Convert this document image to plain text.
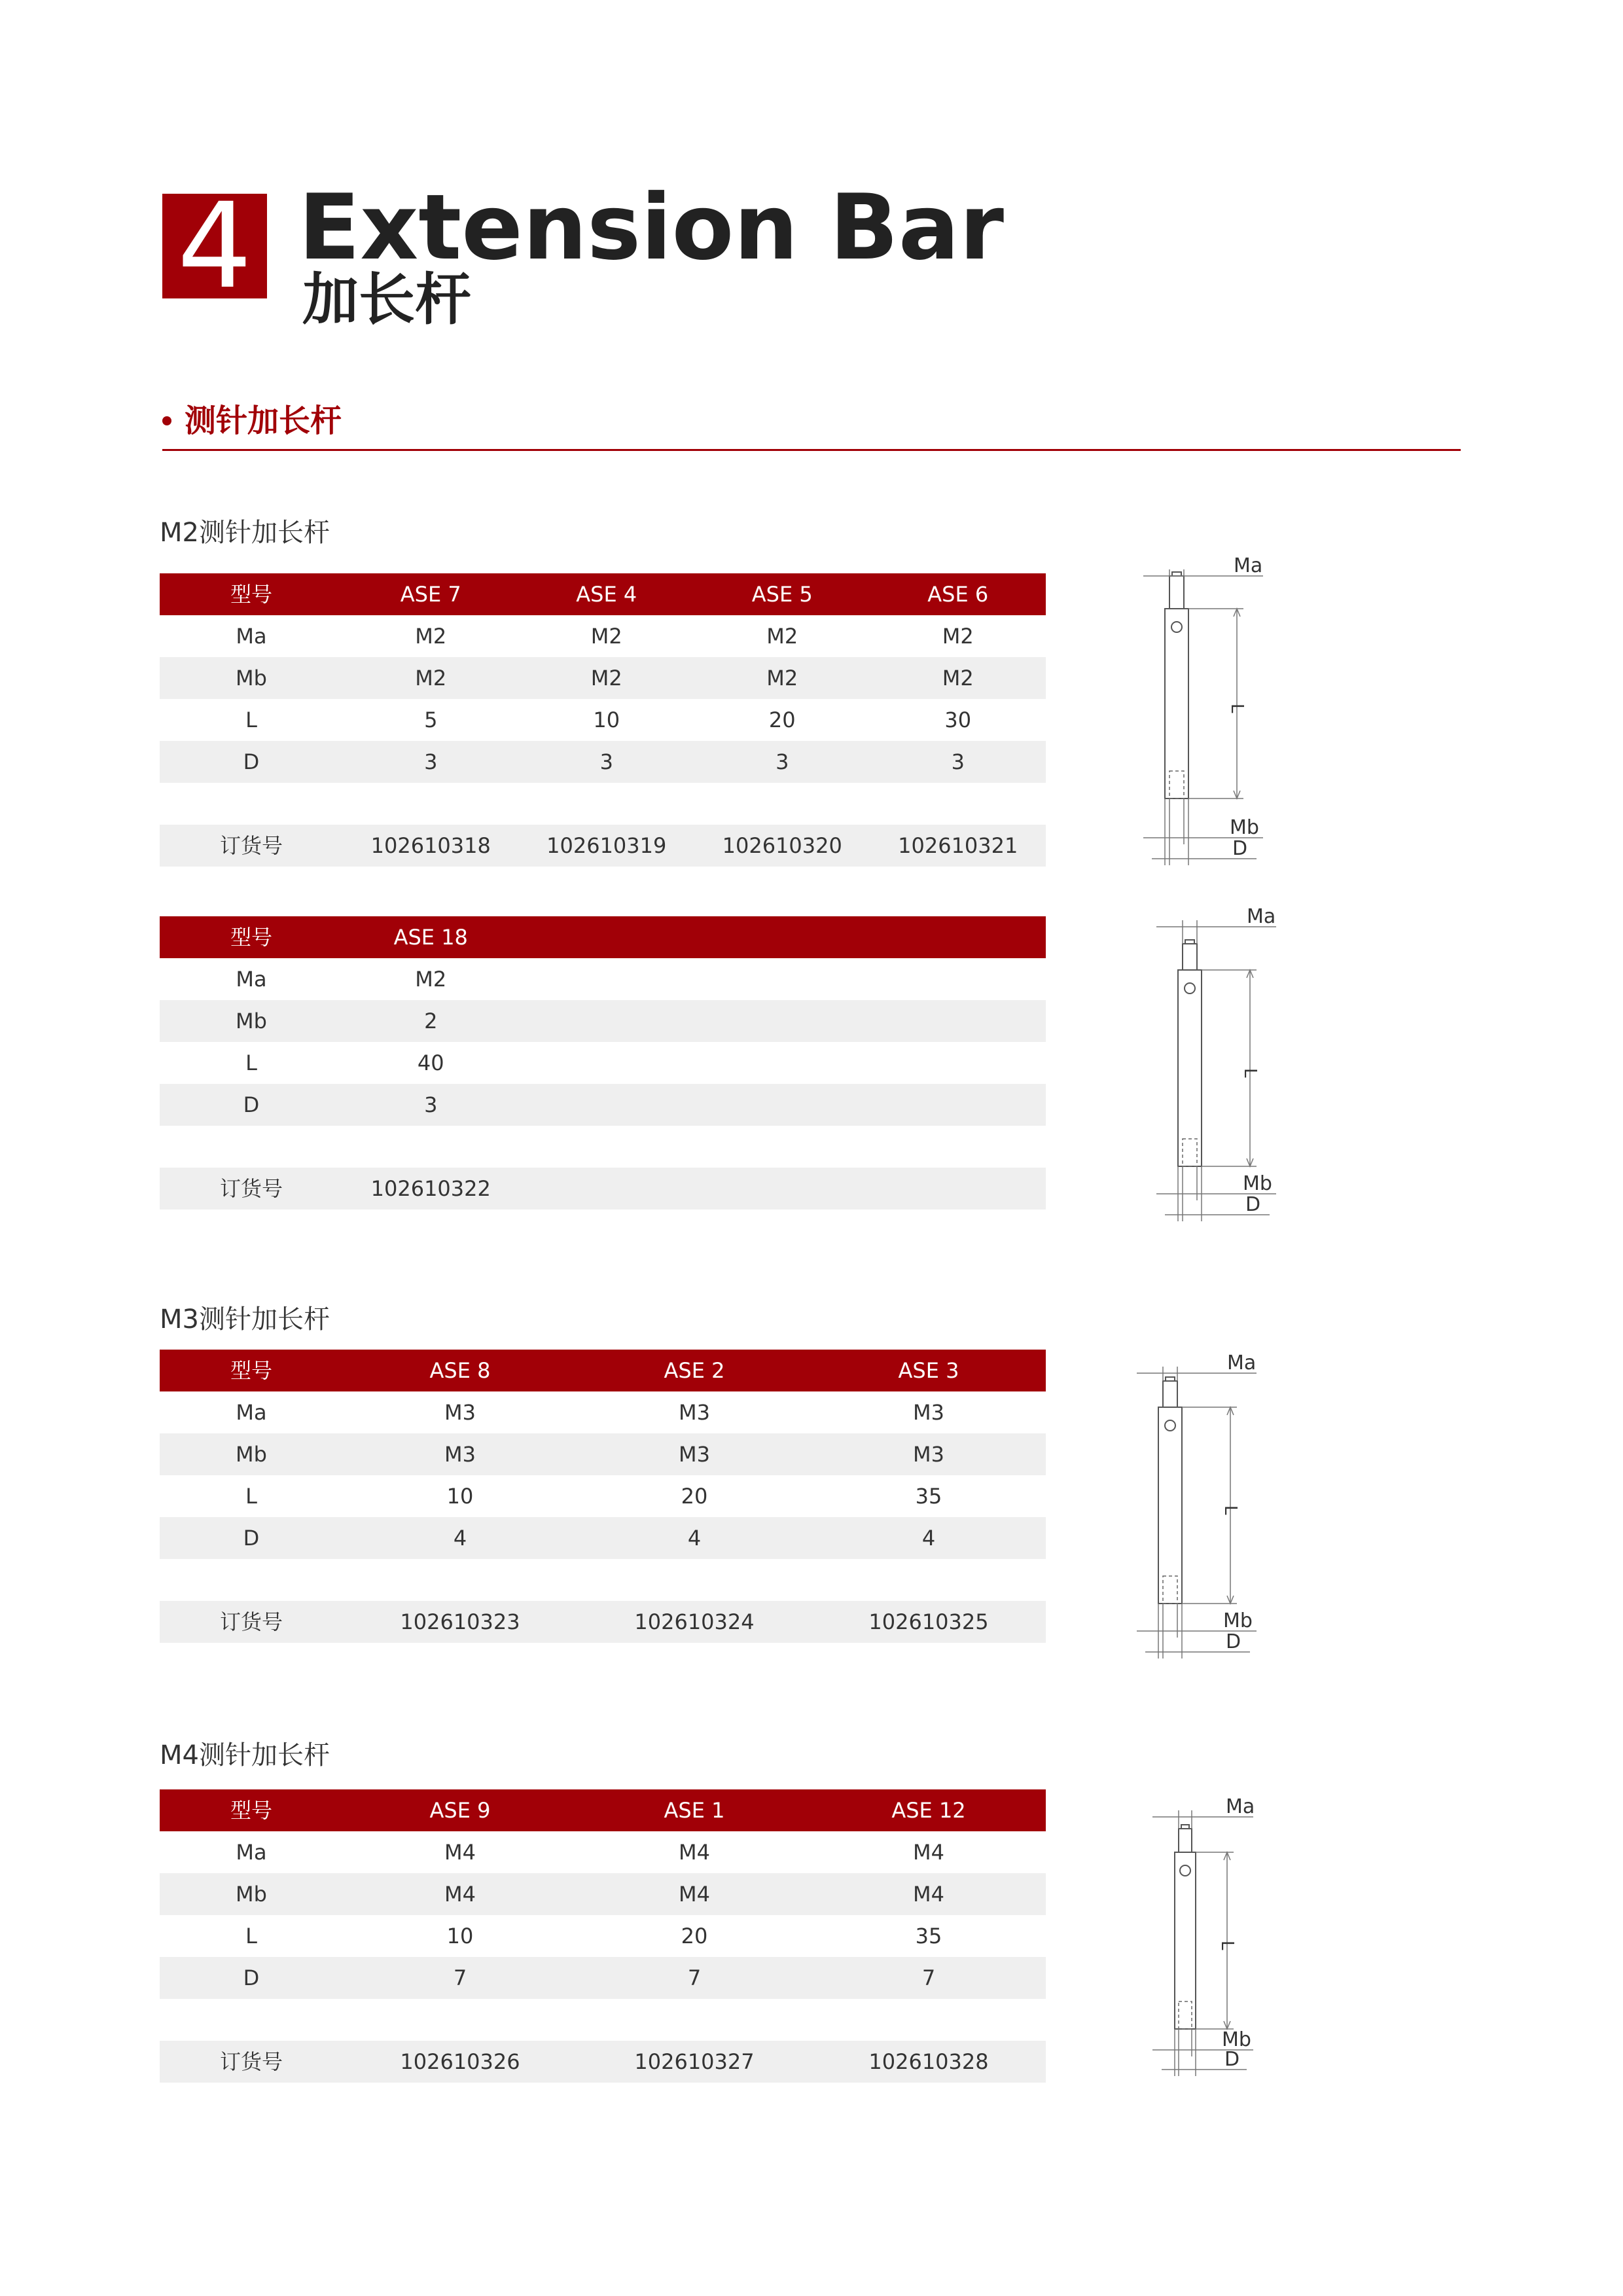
4 Extension Bar
加长杆
测针加长杆
M2测针加长杆
M3测针加长杆
M4测针加长杆
型号	ASE 7	ASE 4	ASE 5	ASE 6
Ma	M2	M2	M2	M2
Mb	M2	M2	M2	M2
L	5	10	20	30
D	3	3	3	3
订货号	102610318	102610319	102610320	102610321
型号	ASE 18
Ma	M2
Mb	2
L	40
D	3
订货号	102610322
型号	ASE 8	ASE 2	ASE 3
Ma	M3	M3	M3
Mb	M3	M3	M3
L	10	20	35
D	4	4	4
订货号	102610323	102610324	102610325
型号	ASE 9	ASE 1	ASE 12
Ma	M4	M4	M4
Mb	M4	M4	M4
L	10	20	35
D	7	7	7
订货号	102610326	102610327	102610328
Ma
L
Mb
D
Ma
L
Mb
D
Ma
L
Mb
D
Ma
L
Mb
D
